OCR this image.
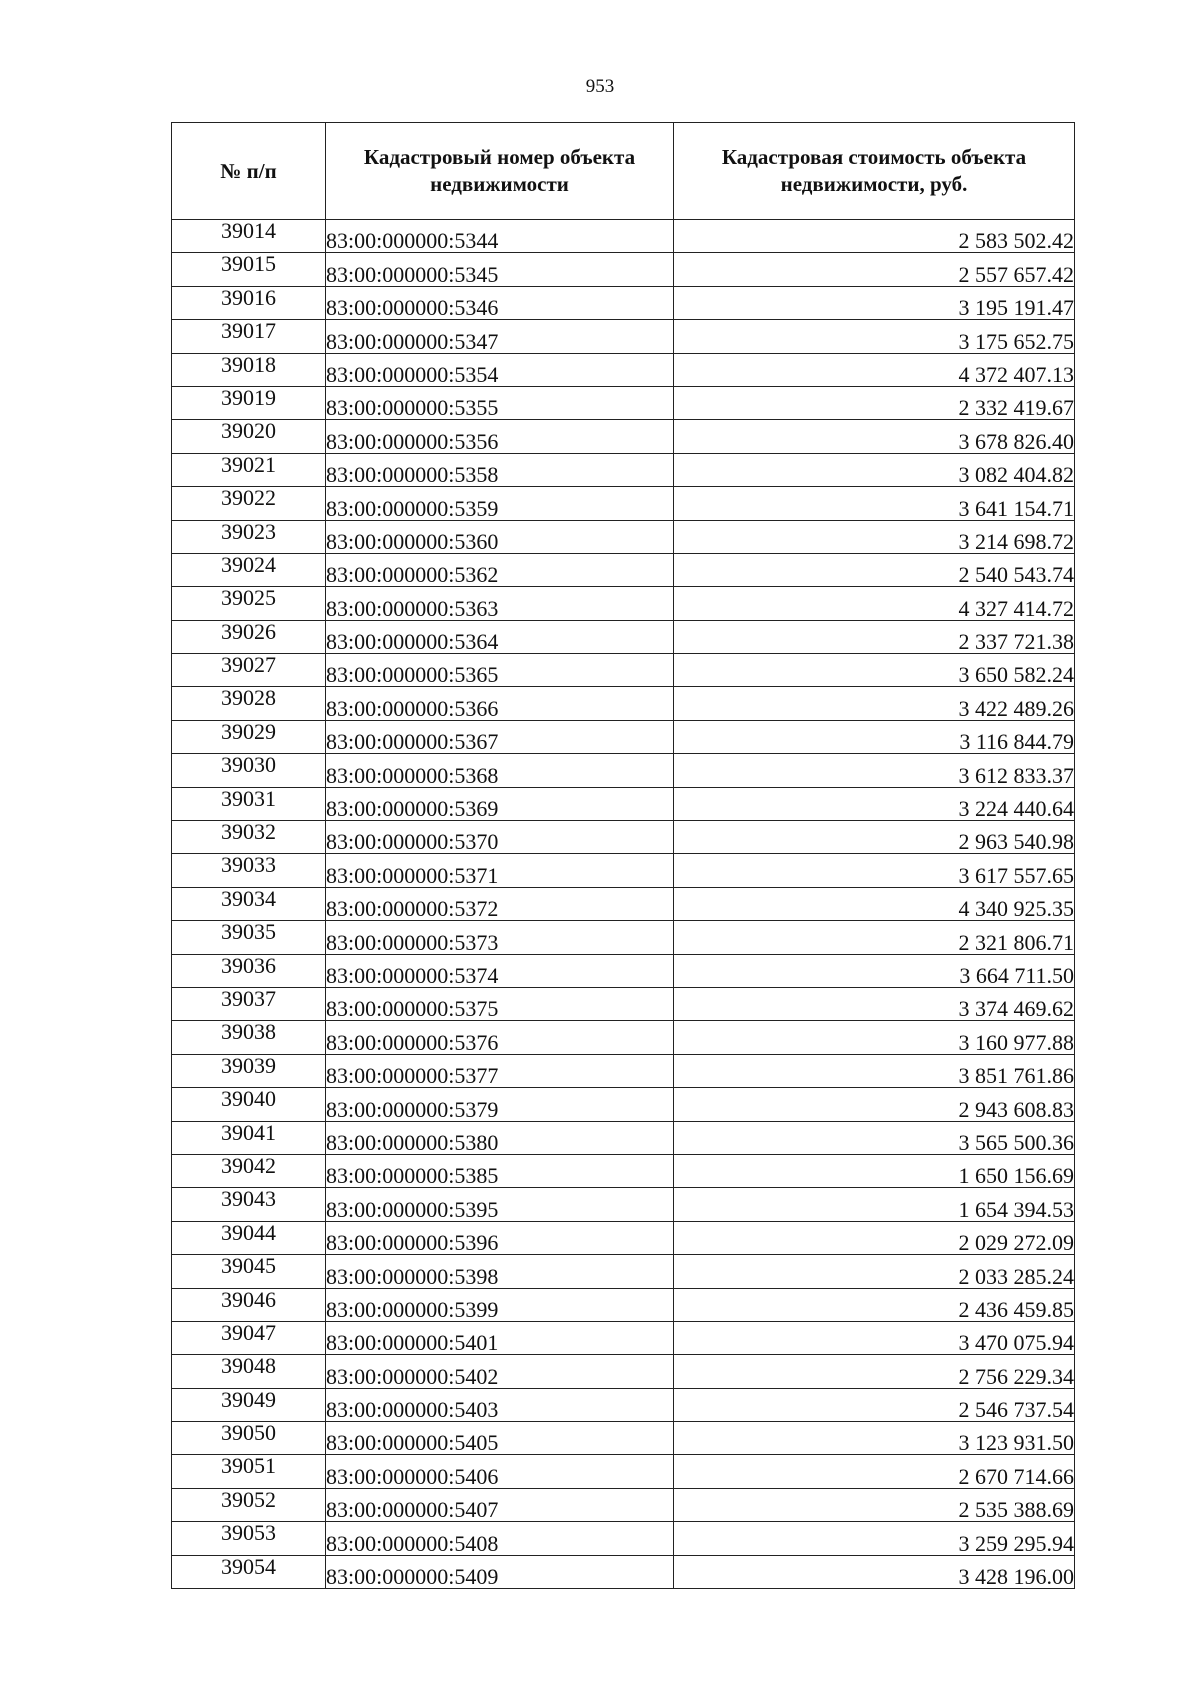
953
№ п/п	Кадастровый номер объекта недвижимости	Кадастровая стоимость объекта недвижимости, руб.
39014	83:00:000000:5344	2 583 502.42
39015	83:00:000000:5345	2 557 657.42
39016	83:00:000000:5346	3 195 191.47
39017	83:00:000000:5347	3 175 652.75
39018	83:00:000000:5354	4 372 407.13
39019	83:00:000000:5355	2 332 419.67
39020	83:00:000000:5356	3 678 826.40
39021	83:00:000000:5358	3 082 404.82
39022	83:00:000000:5359	3 641 154.71
39023	83:00:000000:5360	3 214 698.72
39024	83:00:000000:5362	2 540 543.74
39025	83:00:000000:5363	4 327 414.72
39026	83:00:000000:5364	2 337 721.38
39027	83:00:000000:5365	3 650 582.24
39028	83:00:000000:5366	3 422 489.26
39029	83:00:000000:5367	3 116 844.79
39030	83:00:000000:5368	3 612 833.37
39031	83:00:000000:5369	3 224 440.64
39032	83:00:000000:5370	2 963 540.98
39033	83:00:000000:5371	3 617 557.65
39034	83:00:000000:5372	4 340 925.35
39035	83:00:000000:5373	2 321 806.71
39036	83:00:000000:5374	3 664 711.50
39037	83:00:000000:5375	3 374 469.62
39038	83:00:000000:5376	3 160 977.88
39039	83:00:000000:5377	3 851 761.86
39040	83:00:000000:5379	2 943 608.83
39041	83:00:000000:5380	3 565 500.36
39042	83:00:000000:5385	1 650 156.69
39043	83:00:000000:5395	1 654 394.53
39044	83:00:000000:5396	2 029 272.09
39045	83:00:000000:5398	2 033 285.24
39046	83:00:000000:5399	2 436 459.85
39047	83:00:000000:5401	3 470 075.94
39048	83:00:000000:5402	2 756 229.34
39049	83:00:000000:5403	2 546 737.54
39050	83:00:000000:5405	3 123 931.50
39051	83:00:000000:5406	2 670 714.66
39052	83:00:000000:5407	2 535 388.69
39053	83:00:000000:5408	3 259 295.94
39054	83:00:000000:5409	3 428 196.00
